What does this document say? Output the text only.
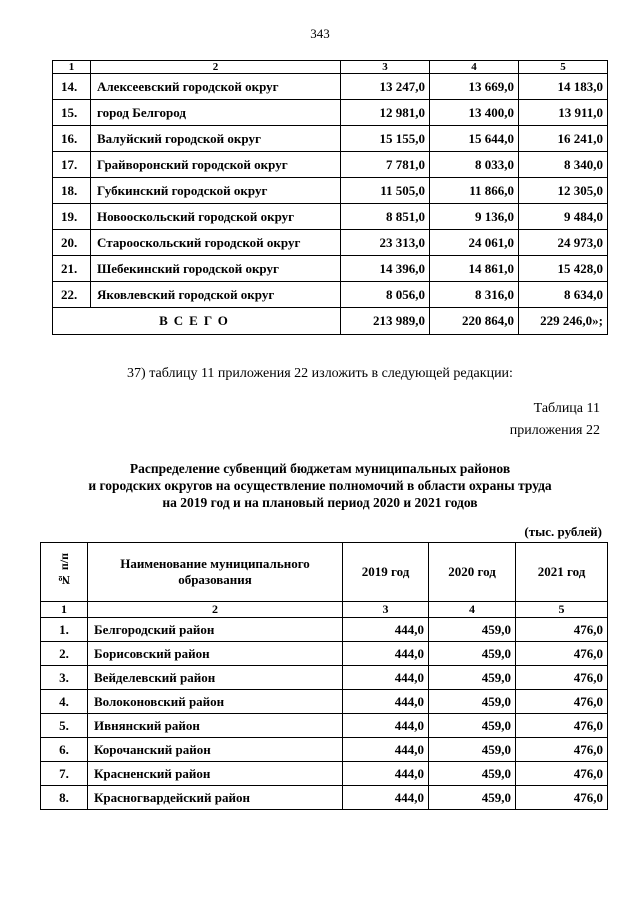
343
1	2	3	4	5
14.	Алексеевский городской округ	13 247,0	13 669,0	14 183,0
15.	город Белгород	12 981,0	13 400,0	13 911,0
16.	Валуйский городской округ	15 155,0	15 644,0	16 241,0
17.	Грайворонский городской округ	7 781,0	8 033,0	8 340,0
18.	Губкинский городской округ	11 505,0	11 866,0	12 305,0
19.	Новооскольский городской округ	8 851,0	9 136,0	9 484,0
20.	Старооскольский городской округ	23 313,0	24 061,0	24 973,0
21.	Шебекинский городской округ	14 396,0	14 861,0	15 428,0
22.	Яковлевский городской округ	8 056,0	8 316,0	8 634,0
ВСЕГО		213 989,0	220 864,0	229 246,0»;
37) таблицу 11 приложения 22 изложить в следующей редакции:
Таблица 11
приложения 22
Распределение субвенций бюджетам муниципальных районов
и городских округов на осуществление полномочий в области охраны труда
на 2019 год и на плановый период 2020 и 2021 годов
(тыс. рублей)
№ п/п	Наименование муниципального образования	2019 год	2020 год	2021 год
1	2	3	4	5
1.	Белгородский район	444,0	459,0	476,0
2.	Борисовский район	444,0	459,0	476,0
3.	Вейделевский район	444,0	459,0	476,0
4.	Волоконовский район	444,0	459,0	476,0
5.	Ивнянский район	444,0	459,0	476,0
6.	Корочанский район	444,0	459,0	476,0
7.	Красненский район	444,0	459,0	476,0
8.	Красногвардейский район	444,0	459,0	476,0
